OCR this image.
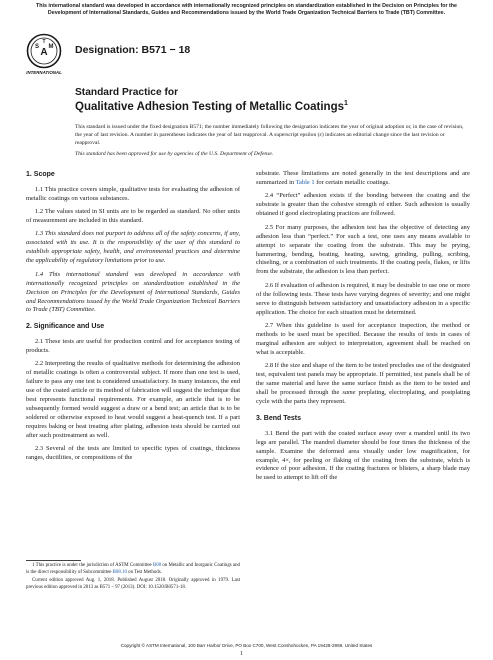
This international standard was developed in accordance with internationally recognized principles on standardization established in the Decision on Principles for the Development of International Standards, Guides and Recommendations issued by the World Trade Organization Technical Barriers to Trade (TBT) Committee.
A
S M
T
INTERNATIONAL
Designation: B571 − 18
Standard Practice for
Qualitative Adhesion Testing of Metallic Coatings$^1$
This standard is issued under the fixed designation B571; the number immediately following the designation indicates the year of original adoption or, in the case of revision, the year of last revision. A number in parentheses indicates the year of last reapproval. A superscript epsilon (ε) indicates an editorial change since the last revision or reapproval.
This standard has been approved for use by agencies of the U.S. Department of Defense.
1. Scope

1.1 This practice covers simple, qualitative tests for evaluating the adhesion of metallic coatings on various substances.

1.2 The values stated in SI units are to be regarded as standard. No other units of measurement are included in this standard.

1.3 This standard does not purport to address all of the safety concerns, if any, associated with its use. It is the responsibility of the user of this standard to establish appropriate safety, health, and environmental practices and determine the applicability of regulatory limitations prior to use.

1.4 This international standard was developed in accordance with internationally recognized principles on standardization established in the Decision on Principles for the Development of International Standards, Guides and Recommendations issued by the World Trade Organization Technical Barriers to Trade (TBT) Committee.

2. Significance and Use

2.1 These tests are useful for production control and for acceptance testing of products.

2.2 Interpreting the results of qualitative methods for determining the adhesion of metallic coatings is often a controversial subject. If more than one test is used, failure to pass any one test is considered unsatisfactory. In many instances, the end use of the coated article or its method of fabrication will suggest the technique that best represents functional requirements. For example, an article that is to be subsequently formed would suggest a draw or a bend test; an article that is to be soldered or otherwise exposed to heat would suggest a heat-quench test. If a part requires baking or heat treating after plating, adhesion tests should be carried out after such posttreatment as well.

2.3 Several of the tests are limited to specific types of coatings, thickness ranges, ductilities, or compositions of the

substrate. These limitations are noted generally in the test descriptions and are summarized in Table 1 for certain metallic coatings.

2.4 “Perfect” adhesion exists if the bonding between the coating and the substrate is greater than the cohesive strength of either. Such adhesion is usually obtained if good electroplating practices are followed.

2.5 For many purposes, the adhesion test has the objective of detecting any adhesion less than “perfect.” For such a test, one uses any means available to attempt to separate the coating from the substrate. This may be prying, hammering, bending, beating, heating, sawing, grinding, pulling, scribing, chiseling, or a combination of such treatments. If the coating peels, flakes, or lifts from the substrate, the adhesion is less than perfect.

2.6 If evaluation of adhesion is required, it may be desirable to use one or more of the following tests. These tests have varying degrees of severity; and one might serve to distinguish between satisfactory and unsatisfactory adhesion in a specific application. The choice for each situation must be determined.

2.7 When this guideline is used for acceptance inspection, the method or methods to be used must be specified. Because the results of tests in cases of marginal adhesion are subject to interpretation, agreement shall be reached on what is acceptable.

2.8 If the size and shape of the item to be tested precludes use of the designated test, equivalent test panels may be appropriate. If permitted, test panels shall be of the same material and have the same surface finish as the item to be tested and shall be processed through the same preplating, electroplating, and postplating cycle with the parts they represent.

3. Bend Tests

3.1 Bend the part with the coated surface away over a mandrel until its two legs are parallel. The mandrel diameter should be four times the thickness of the sample. Examine the deformed area visually under low magnification, for example, 4×, for peeling or flaking of the coating from the substrate, which is evidence of poor adhesion. If the coating fractures or blisters, a sharp blade may be used to attempt to lift off the

1 This practice is under the jurisdiction of ASTM Committee B08 on Metallic and Inorganic Coatings and is the direct responsibility of Subcommittee B08.10 on Test Methods.

Current edition approved Aug. 1, 2018. Published August 2018. Originally approved in 1979. Last previous edition approved in 2013 as B571 – 97 (2013). DOI: 10.1520/B0571-18.

Copyright © ASTM International, 100 Barr Harbor Drive, PO Box C700, West Conshohocken, PA 19428-2959. United States
1
